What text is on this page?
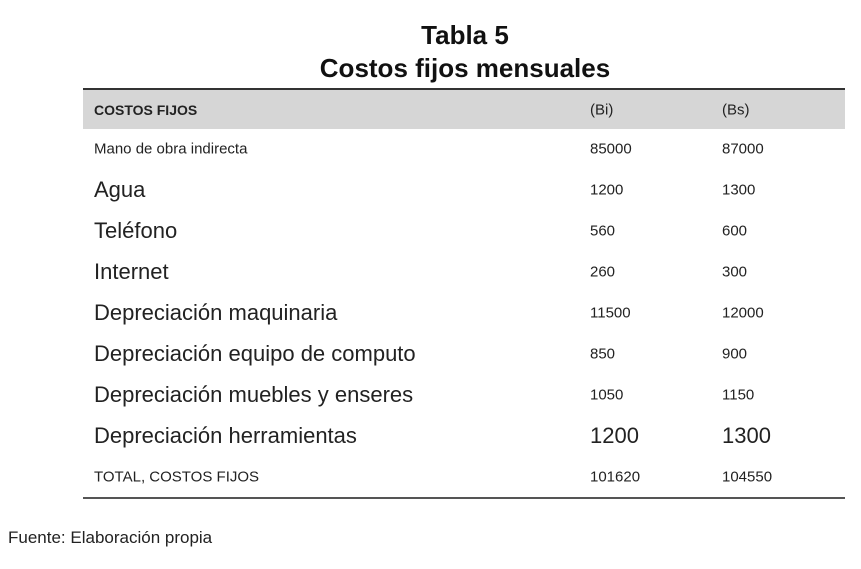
Tabla 5
Costos fijos mensuales
COSTOS FIJOS	(Bi)	(Bs)
Mano de obra indirecta	85000	87000
Agua	1200	1300
Teléfono	560	600
Internet	260	300
Depreciación maquinaria	11500	12000
Depreciación equipo de computo	850	900
Depreciación muebles y enseres	1050	1150
Depreciación herramientas	1200	1300
TOTAL, COSTOS FIJOS	101620	104550
Fuente: Elaboración propia
